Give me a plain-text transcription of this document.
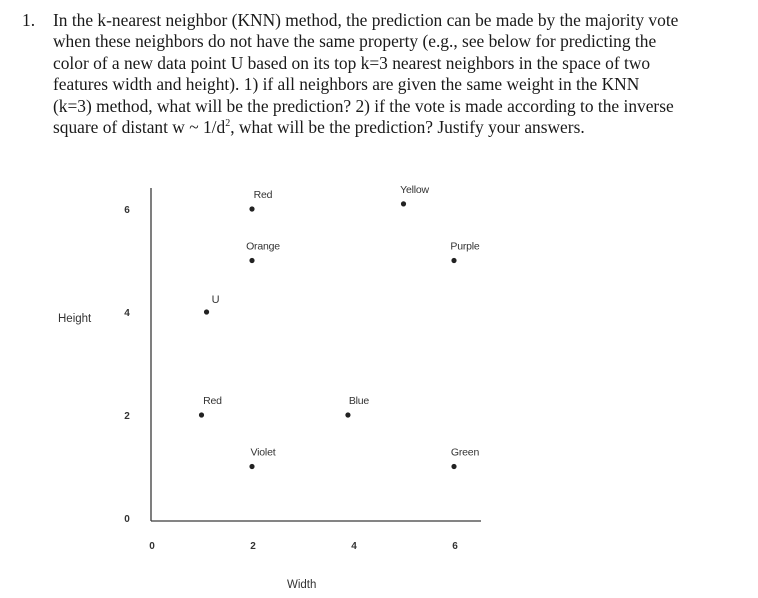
1. In the k-nearest neighbor (KNN) method, the prediction can be made by the majority vote
when these neighbors do not have the same property (e.g., see below for predicting the
color of a new data point U based on its top k=3 nearest neighbors in the space of two
features width and height). 1) if all neighbors are given the same weight in the KNN
(k=3) method, what will be the prediction? 2) if the vote is made according to the inverse
square of distant w ~ $1/d^2$, what will be the prediction? Justify your answers.
0	2	4	6
0
2
4
6
Red	Yellow
Orange	Purple
U
Red	Blue
Violet	Green
Height
Width
